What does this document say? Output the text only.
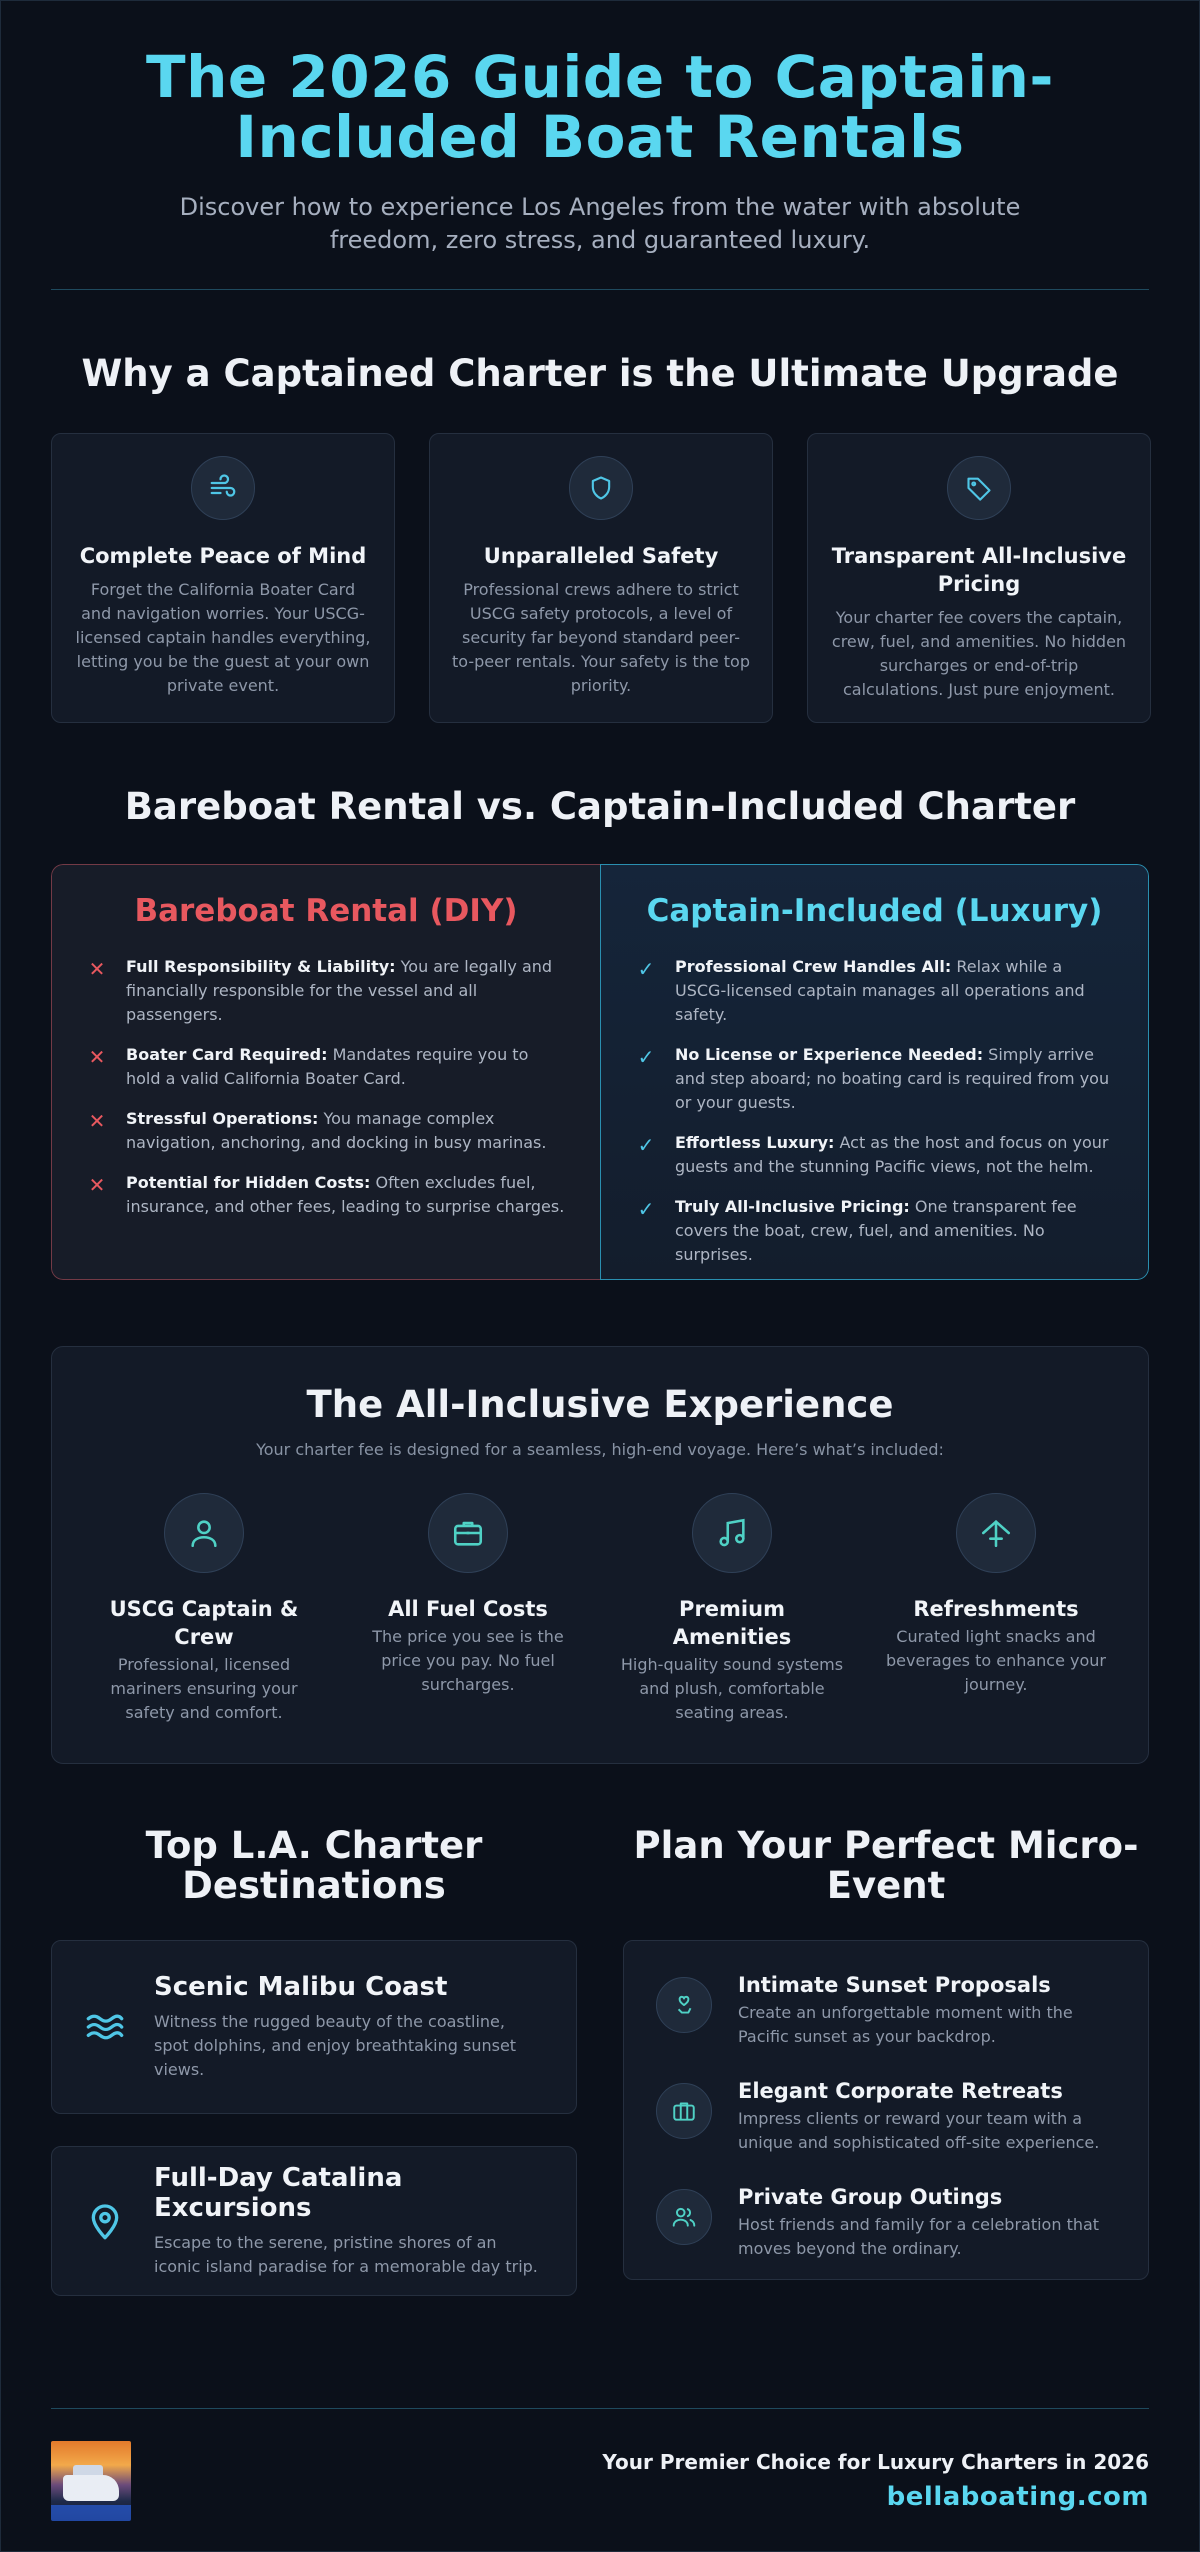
The 2026 Guide to Captain-
Included Boat Rentals

Discover how to experience Los Angeles from the water with absolute freedom, zero stress, and guaranteed luxury.

Why a Captained Charter is the Ultimate Upgrade
Complete Peace of Mind

Forget the California Boater Card and navigation worries. Your USCG-licensed captain handles everything, letting you be the guest at your own private event.

Unparalleled Safety

Professional crews adhere to strict USCG safety protocols, a level of security far beyond standard peer-to-peer rentals. Your safety is the top priority.

Transparent All-Inclusive Pricing

Your charter fee covers the captain, crew, fuel, and amenities. No hidden surcharges or end-of-trip calculations. Just pure enjoyment.

Bareboat Rental vs. Captain-Included Charter
Bareboat Rental (DIY)
✕ Full Responsibility & Liability: You are legally and financially responsible for the vessel and all passengers.
✕ Boater Card Required: Mandates require you to hold a valid California Boater Card.
✕ Stressful Operations: You manage complex navigation, anchoring, and docking in busy marinas.
✕ Potential for Hidden Costs: Often excludes fuel, insurance, and other fees, leading to surprise charges.
Captain-Included (Luxury)
✓ Professional Crew Handles All: Relax while a USCG-licensed captain manages all operations and safety.
✓ No License or Experience Needed: Simply arrive and step aboard; no boating card is required from you or your guests.
✓ Effortless Luxury: Act as the host and focus on your guests and the stunning Pacific views, not the helm.
✓ Truly All-Inclusive Pricing: One transparent fee covers the boat, crew, fuel, and amenities. No surprises.
The All-Inclusive Experience

Your charter fee is designed for a seamless, high-end voyage. Here’s what’s included:

USCG Captain & Crew

Professional, licensed mariners ensuring your safety and comfort.

All Fuel Costs

The price you see is the price you pay. No fuel surcharges.

Premium Amenities

High-quality sound systems and plush, comfortable seating areas.

Refreshments

Curated light snacks and beverages to enhance your journey.

Top L.A. Charter Destinations
Scenic Malibu Coast

Witness the rugged beauty of the coastline, spot dolphins, and enjoy breathtaking sunset views.

Full-Day Catalina Excursions

Escape to the serene, pristine shores of an iconic island paradise for a memorable day trip.

Plan Your Perfect Micro-Event
Intimate Sunset Proposals

Create an unforgettable moment with the Pacific sunset as your backdrop.

Elegant Corporate Retreats

Impress clients or reward your team with a unique and sophisticated off-site experience.

Private Group Outings

Host friends and family for a celebration that moves beyond the ordinary.

Your Premier Choice for Luxury Charters in 2026
bellaboating.com
